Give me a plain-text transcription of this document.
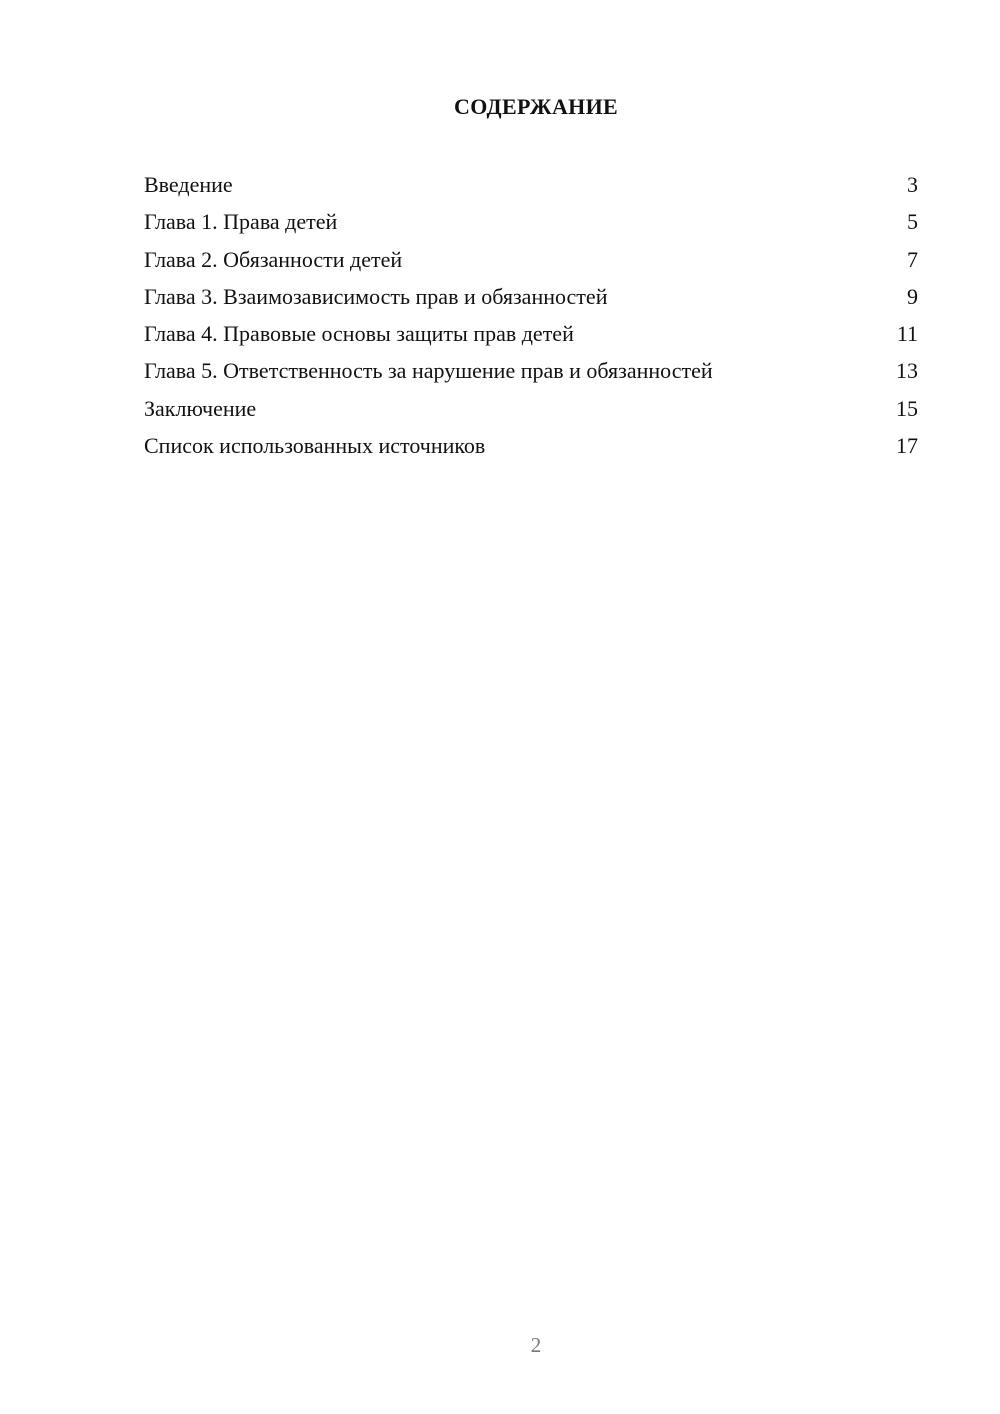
СОДЕРЖАНИЕ
Введение	3
Глава 1. Права детей	5
Глава 2. Обязанности детей	7
Глава 3. Взаимозависимость прав и обязанностей	9
Глава 4. Правовые основы защиты прав детей	11
Глава 5. Ответственность за нарушение прав и обязанностей	13
Заключение	15
Список использованных источников	17
2
